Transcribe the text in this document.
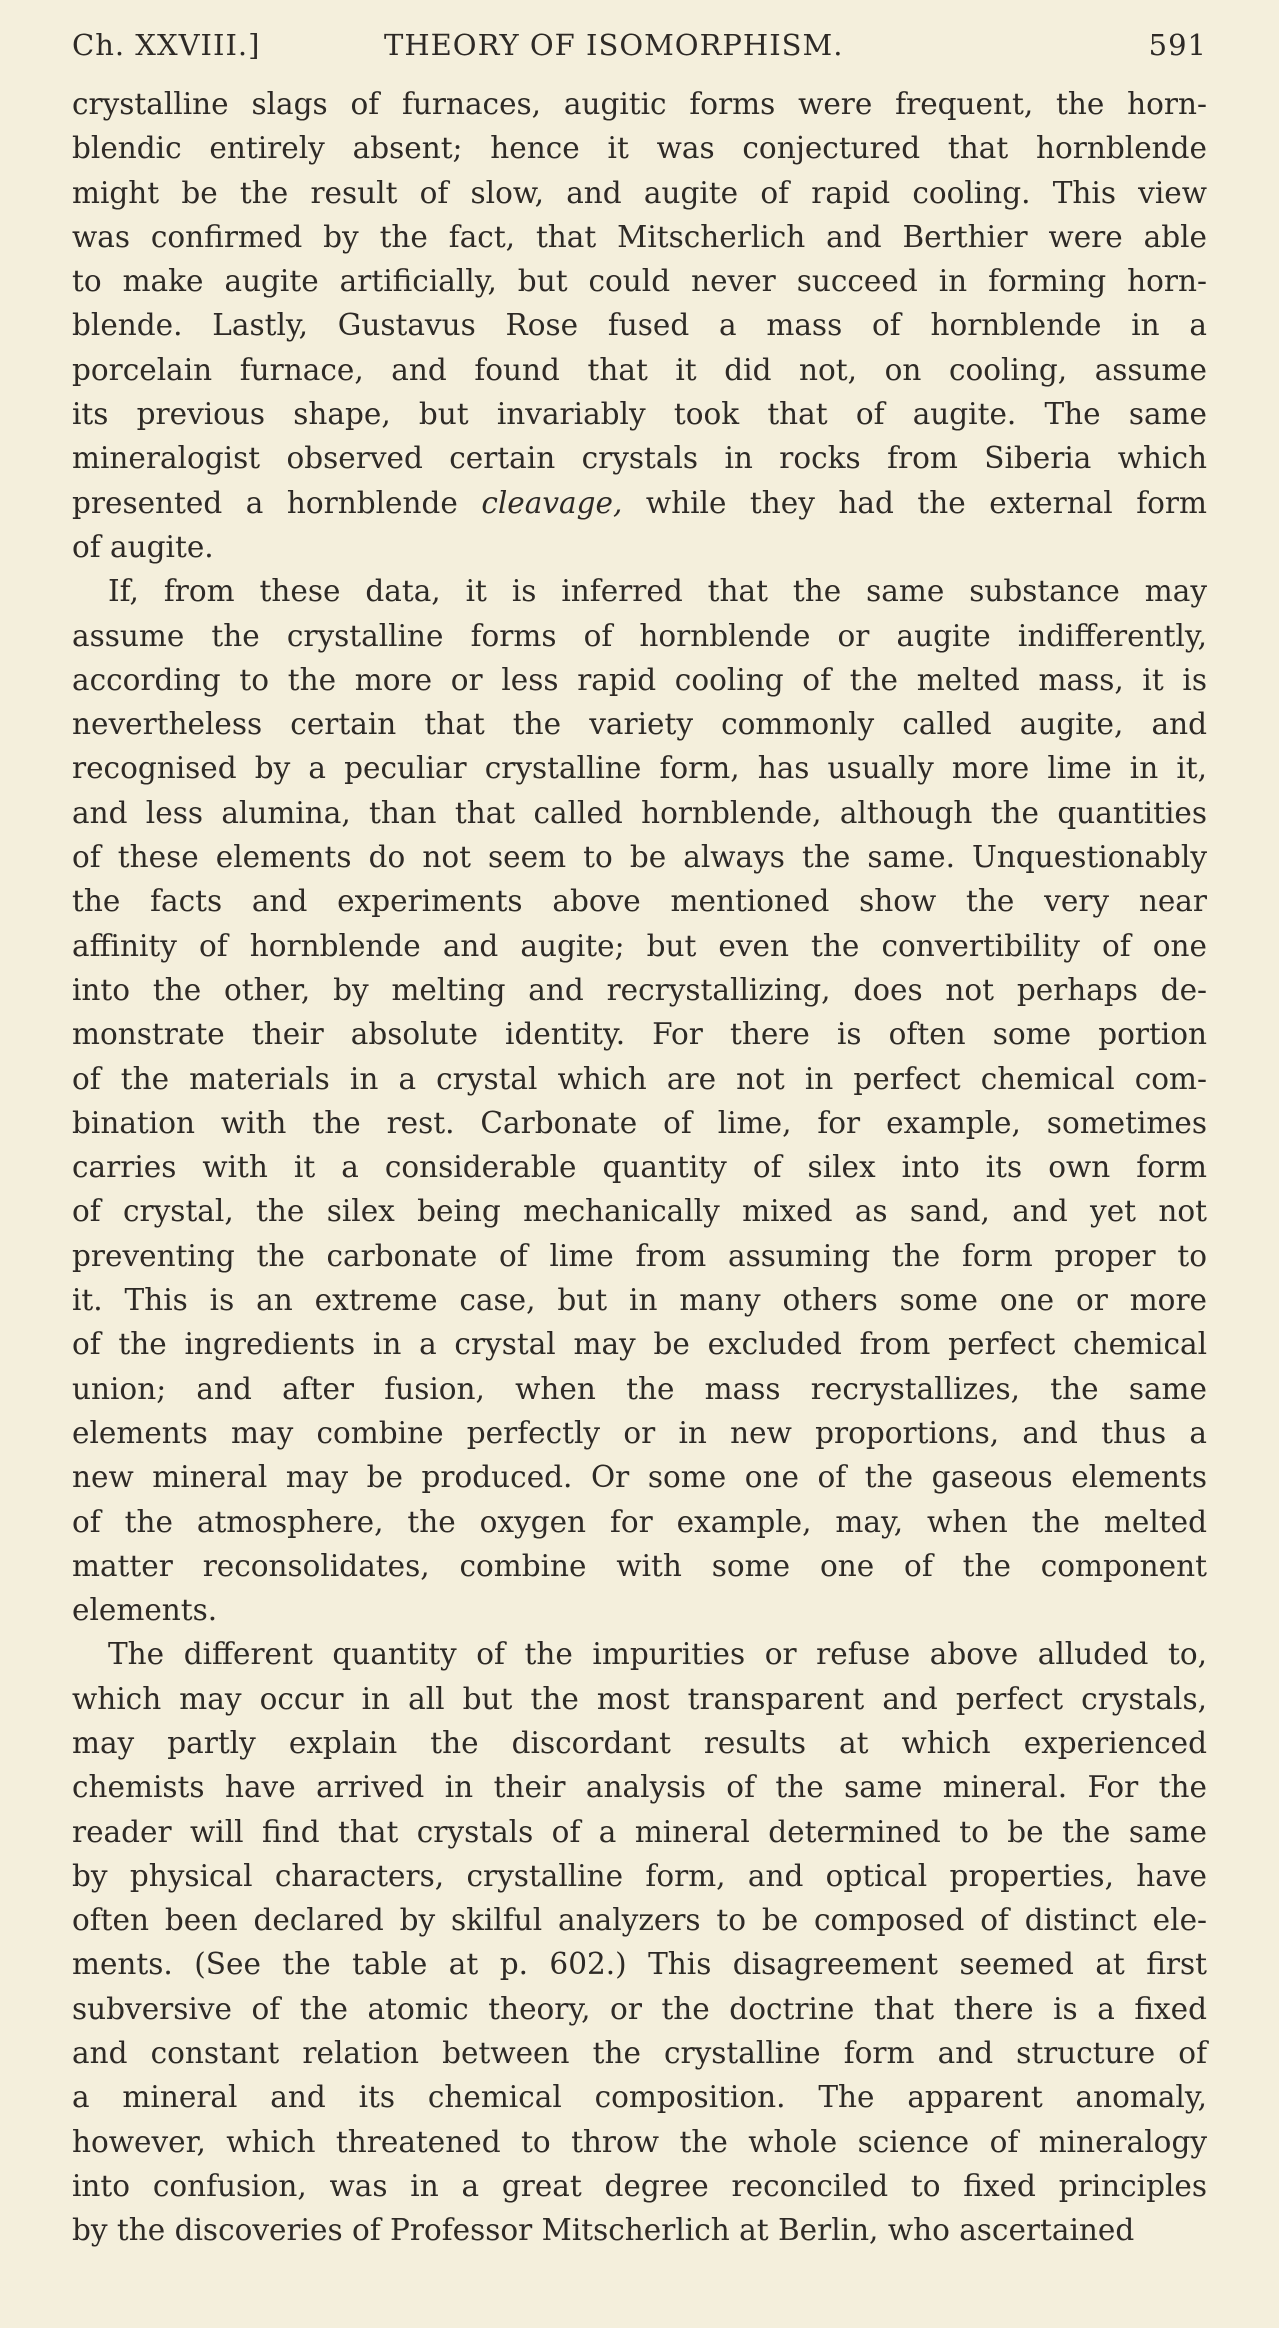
Ch. XXVIII.]	THEORY OF ISOMORPHISM.	591
crystalline slags of furnaces, augitic forms were frequent, the horn-
blendic entirely absent; hence it was conjectured that hornblende
might be the result of slow, and augite of rapid cooling. This view
was confirmed by the fact, that Mitscherlich and Berthier were able
to make augite artificially, but could never succeed in forming horn-
blende. Lastly, Gustavus Rose fused a mass of hornblende in a
porcelain furnace, and found that it did not, on cooling, assume
its previous shape, but invariably took that of augite. The same
mineralogist observed certain crystals in rocks from Siberia which
presented a hornblende cleavage, while they had the external form
of augite.
If, from these data, it is inferred that the same substance may
assume the crystalline forms of hornblende or augite indifferently,
according to the more or less rapid cooling of the melted mass, it is
nevertheless certain that the variety commonly called augite, and
recognised by a peculiar crystalline form, has usually more lime in it,
and less alumina, than that called hornblende, although the quantities
of these elements do not seem to be always the same. Unquestionably
the facts and experiments above mentioned show the very near
affinity of hornblende and augite; but even the convertibility of one
into the other, by melting and recrystallizing, does not perhaps de-
monstrate their absolute identity. For there is often some portion
of the materials in a crystal which are not in perfect chemical com-
bination with the rest. Carbonate of lime, for example, sometimes
carries with it a considerable quantity of silex into its own form
of crystal, the silex being mechanically mixed as sand, and yet not
preventing the carbonate of lime from assuming the form proper to
it. This is an extreme case, but in many others some one or more
of the ingredients in a crystal may be excluded from perfect chemical
union; and after fusion, when the mass recrystallizes, the same
elements may combine perfectly or in new proportions, and thus a
new mineral may be produced. Or some one of the gaseous elements
of the atmosphere, the oxygen for example, may, when the melted
matter reconsolidates, combine with some one of the component
elements.
The different quantity of the impurities or refuse above alluded to,
which may occur in all but the most transparent and perfect crystals,
may partly explain the discordant results at which experienced
chemists have arrived in their analysis of the same mineral. For the
reader will find that crystals of a mineral determined to be the same
by physical characters, crystalline form, and optical properties, have
often been declared by skilful analyzers to be composed of distinct ele-
ments. (See the table at p. 602.) This disagreement seemed at first
subversive of the atomic theory, or the doctrine that there is a fixed
and constant relation between the crystalline form and structure of
a mineral and its chemical composition. The apparent anomaly,
however, which threatened to throw the whole science of mineralogy
into confusion, was in a great degree reconciled to fixed principles
by the discoveries of Professor Mitscherlich at Berlin, who ascertained
